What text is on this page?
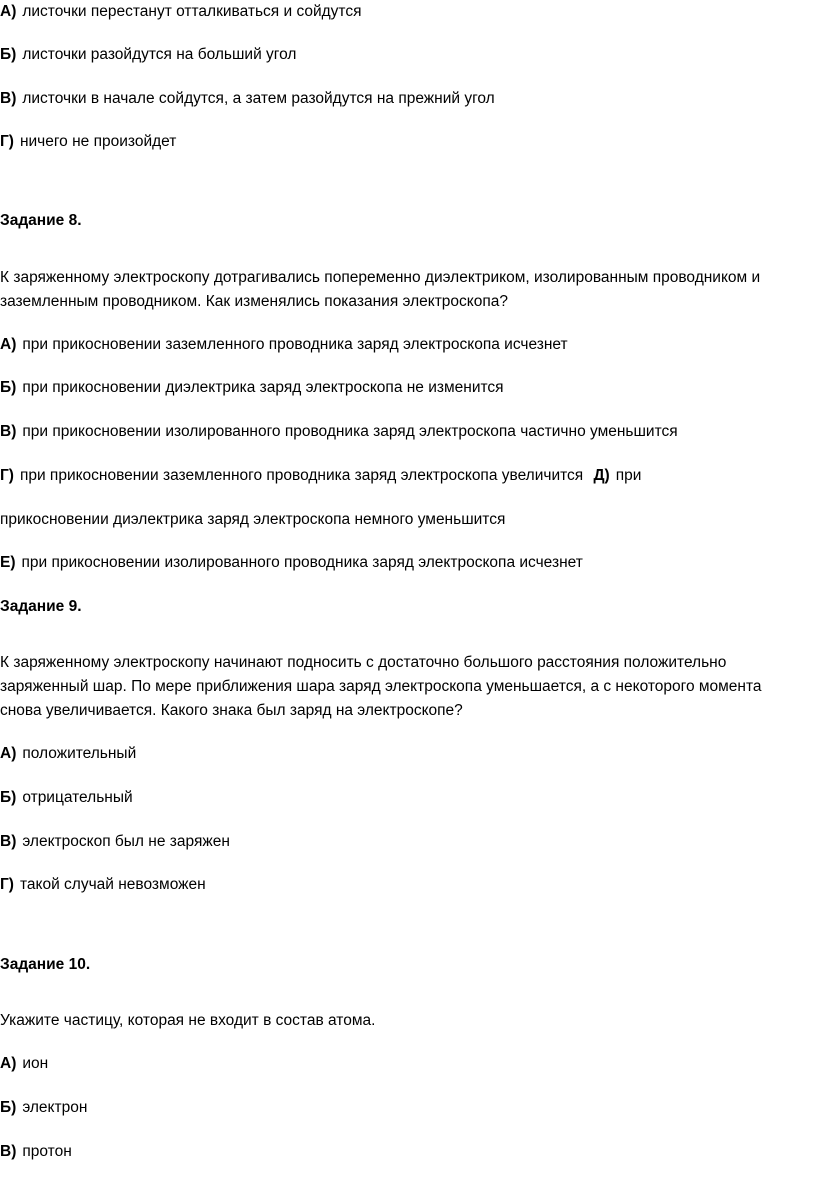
А) листочки перестанут отталкиваться и сойдутся
Б) листочки разойдутся на больший угол
В) листочки в начале сойдутся, а затем разойдутся на прежний угол
Г) ничего не произойдет
Задание 8.
К заряженному электроскопу дотрагивались попеременно диэлектриком, изолированным проводником и
заземленным проводником. Как изменялись показания электроскопа?
А) при прикосновении заземленного проводника заряд электроскопа исчезнет
Б) при прикосновении диэлектрика заряд электроскопа не изменится
В) при прикосновении изолированного проводника заряд электроскопа частично уменьшится
Г) при прикосновении заземленного проводника заряд электроскопа увеличится Д) при
прикосновении диэлектрика заряд электроскопа немного уменьшится
Е) при прикосновении изолированного проводника заряд электроскопа исчезнет
Задание 9.
К заряженному электроскопу начинают подносить с достаточно большого расстояния положительно
заряженный шар. По мере приближения шара заряд электроскопа уменьшается, а с некоторого момента
снова увеличивается. Какого знака был заряд на электроскопе?
А) положительный
Б) отрицательный
В) электроскоп был не заряжен
Г) такой случай невозможен
Задание 10.
Укажите частицу, которая не входит в состав атома.
А) ион
Б) электрон
В) протон
